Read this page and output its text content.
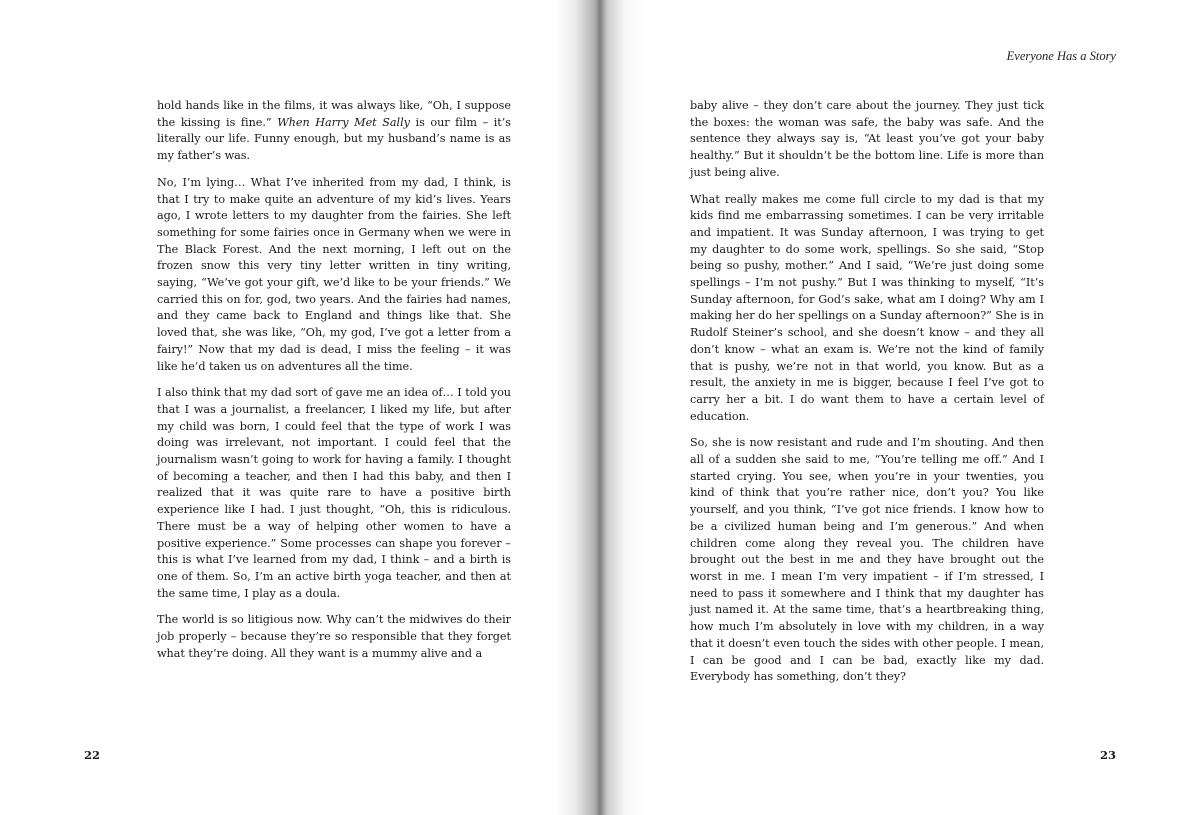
hold hands like in the films, it was always like, “Oh, I suppose the kissing is fine.” When Harry Met Sally is our film – it’s literally our life. Funny enough, but my husband’s name is as my father’s was.

No, I’m lying… What I’ve inherited from my dad, I think, is that I try to make quite an adventure of my kid’s lives. Years ago, I wrote letters to my daughter from the fairies. She left something for some fairies once in Germany when we were in The Black Forest. And the next morning, I left out on the frozen snow this very tiny letter written in tiny writing, saying, “We’ve got your gift, we’d like to be your friends.” We carried this on for, god, two years. And the fairies had names, and they came back to England and things like that. She loved that, she was like, “Oh, my god, I’ve got a letter from a fairy!” Now that my dad is dead, I miss the feeling – it was like he’d taken us on adventures all the time.

I also think that my dad sort of gave me an idea of… I told you that I was a journalist, a freelancer, I liked my life, but after my child was born, I could feel that the type of work I was doing was irrelevant, not important. I could feel that the journalism wasn’t going to work for having a family. I thought of becoming a teacher, and then I had this baby, and then I realized that it was quite rare to have a positive birth experience like I had. I just thought, “Oh, this is ridiculous. There must be a way of helping other women to have a positive experience.” Some processes can shape you forever – this is what I’ve learned from my dad, I think – and a birth is one of them. So, I’m an active birth yoga teacher, and then at the same time, I play as a doula.

The world is so litigious now. Why can’t the midwives do their job properly – because they’re so responsible that they forget what they’re doing. All they want is a mummy alive and a

22
Everyone Has a Story

baby alive – they don’t care about the journey. They just tick the boxes: the woman was safe, the baby was safe. And the sentence they always say is, “At least you’ve got your baby healthy.” But it shouldn’t be the bottom line. Life is more than just being alive.

What really makes me come full circle to my dad is that my kids find me embarrassing sometimes. I can be very irritable and impatient. It was Sunday afternoon, I was trying to get my daughter to do some work, spellings. So she said, “Stop being so pushy, mother.” And I said, “We’re just doing some spellings – I’m not pushy.” But I was thinking to myself, “It’s Sunday afternoon, for God’s sake, what am I doing? Why am I making her do her spellings on a Sunday afternoon?” She is in Rudolf Steiner’s school, and she doesn’t know – and they all don’t know – what an exam is. We’re not the kind of family that is pushy, we’re not in that world, you know. But as a result, the anxiety in me is bigger, because I feel I’ve got to carry her a bit. I do want them to have a certain level of education.

So, she is now resistant and rude and I’m shouting. And then all of a sudden she said to me, “You’re telling me off.” And I started crying. You see, when you’re in your twenties, you kind of think that you’re rather nice, don’t you? You like yourself, and you think, “I’ve got nice friends. I know how to be a civilized human being and I’m generous.” And when children come along they reveal you. The children have brought out the best in me and they have brought out the worst in me. I mean I’m very impatient – if I’m stressed, I need to pass it somewhere and I think that my daughter has just named it. At the same time, that’s a heartbreaking thing, how much I’m absolutely in love with my children, in a way that it doesn’t even touch the sides with other people. I mean, I can be good and I can be bad, exactly like my dad. Everybody has something, don’t they?

23
